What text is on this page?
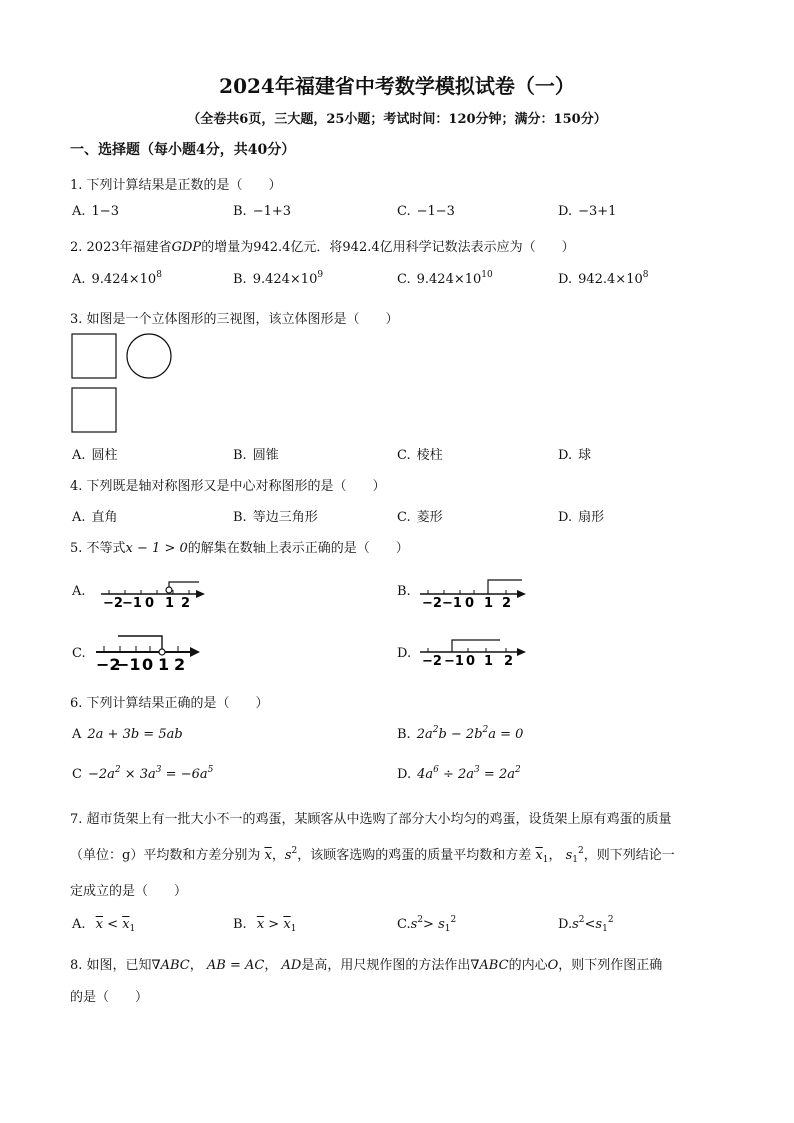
2024年福建省中考数学模拟试卷（一）
（全卷共6页，三大题，25小题；考试时间：120分钟；满分：150分）
一、选择题（每小题4分，共40分）
1. 下列计算结果是正数的是（　　）
A. 1−3	B. −1+3	C. −1−3	D. −3+1
2. 2023年福建省GDP的增量为942.4亿元．将942.4亿用科学记数法表示应为（　　）
A. $9.424\times 10^8$	B. $9.424\times 10^9$	C. $9.424\times 10^{10}$	D. $942.4\times 10^8$
3. 如图是一个立体图形的三视图，该立体图形是（　　）
A. 圆柱	B. 圆锥	C. 棱柱	D. 球
4. 下列既是轴对称图形又是中心对称图形的是（　　）
A. 直角	B. 等边三角形	C. 菱形	D. 扇形
5. 不等式x − 1 > 0的解集在数轴上表示正确的是（　　）
A.
−2 −1 0 1 2
B.
−2 −1 0 1 2
C.
−2
−1 0 1 2
D.
−2 −1 0 1 2
6. 下列计算结果正确的是（　　）
A 2a + 3b = 5ab	B. $2a^2b - 2b^2a = 0$
$C -2a^2 \times 3a^3 = -6a^5$	D. $4a^6 \div 2a^3 = 2a^2$
7. 超市货架上有一批大小不一的鸡蛋，某顾客从中选购了部分大小均匀的鸡蛋，设货架上原有鸡蛋的质量
（单位：g）平均数和方差分别为 $\overline{x}$，$s^2$，该顾客选购的鸡蛋的质量平均数和方差 $\overline{x}_1$， $s_1^2$，则下列结论一
定成立的是（　　）
A. $\overline{x} < \overline{x}_1$	B. $\overline{x} > \overline{x}_1$	$C.s^2> s_1^2$	$D.s^2<s_1^2$
8. 如图，已知∇ABC， AB = AC， AD是高，用尺规作图的方法作出∇ABC的内心O，则下列作图正确
的是（　　）
